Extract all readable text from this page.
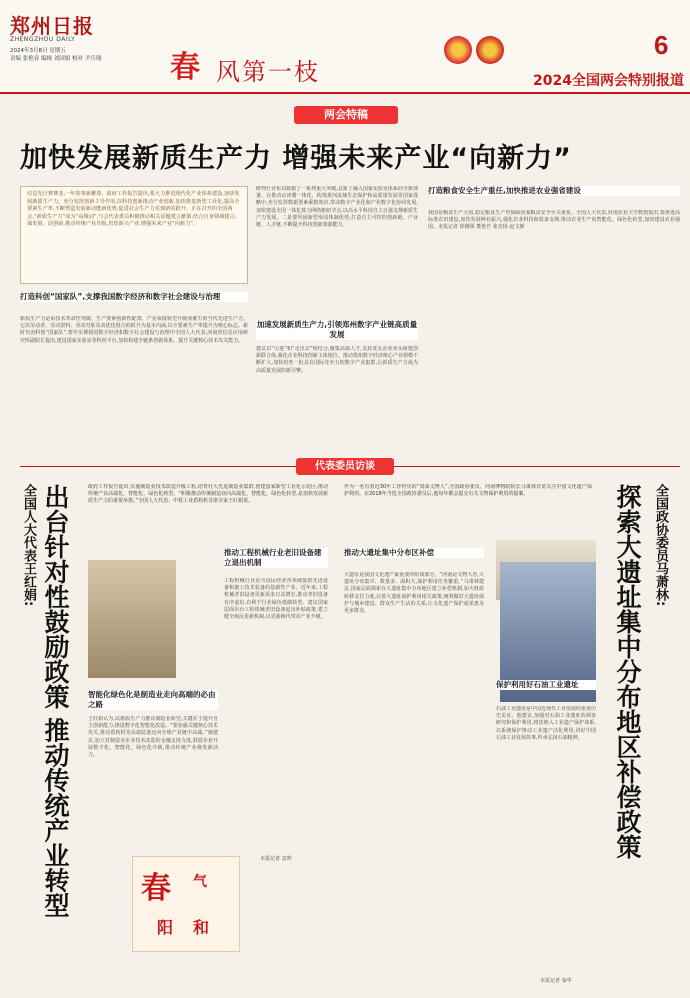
郑州日报
ZHENGZHOU DAILY
2024年3月8日 星期五
责编 张艳春 编辑 刘国娟 校对 尹兵翔	春 风第一枝
6
2024全国两会特别报道
两会特稿
加快发展新质生产力 增强未来产业“向新力”
信息先行赛赛龙,一年春事新繁春。政府工作报告提出,要大力推进现代化产业体系建设,加快发展新质生产力。充分发挥创新主导作用,以科技创新推动产业创新,加快推进新型工业化,提高全要素生产率,不断塑造发展新动能新优势,促进社会生产力实现新的跃升。正在召开的全国两会,“新质生产力”成为“高频词”,与会代表委员积极推动相关话题建言献策,结合自身领域建言,谋发展、话创新,推动传统产业升级,培育新兴产业,增强未来产业“向新力”。
打造科创“国家队”,支撑我国数字经济和数字社会建设与治理
新质生产力是由技术革命性突破、生产要素创新性配置、产业深度转型升级而催生的当代先进生产力。它以劳动者、劳动资料、劳动对象及其优化组合的跃升为基本内涵,以全要素生产率提升为核心标志。新时代治科创“国家队”,要牢实撑我国数字经济和数字社会建设与治理中全国人大代表,河南省信息应用研究所副院长提出,建设国家实验室等科创平台,加快构建全链条创新体系。提升关键核心技术攻关能力。
研判行业布局数据了一系列重大突破,具象了融入国家实验室体系的全新部署。在推动京津冀一体化、构筑黄河流域生态保护和高质量发展等国家战略中,充分发挥数据要素乘数效应,带动数字产业化和产业数字化协同发展,加快建设全国一体化算力网络枢纽节点,以高水平科技自立自强支撑新质生产力发展。二是要巩固新型举国体制优势,打造自主可控的创新链、产业链、人才链,不断提升科技创新策源能力。
加速发展新质生产力,引领郑州数字产业链高质量发展
建议以“引进”和“走出去”相结合,聚集高端人才,支持龙头企业牵头组建创新联合体,强化企业科技创新主体地位。推动郑州数字经济核心产业规模不断扩大,加快培育一批具有国际竞争力的数字产业集群,让新质生产力成为高质量发展的新引擎。
打造粮食安全生产重任,加快推进农业强省建设
我国是粮食生产大国,稳定粮食生产对保障国家粮食安全至关重要。全国人大代表,河南农业大学教授提出,要推进高标准农田建设,加快发展种业振兴,强化农业科技和装备支撑,推动农业生产向智能化、绿色化转型,加快建设农业强国。本报记者 徐刚领 董艳竹 张竞扬 赵文静
代表委员访谈
全国人大代表王红娟: 出台针对性鼓励政策 推动传统产业转型	政府工作报告提出,实施制造业技术改造升级工程,培育壮大先进制造业集群,创建国家新型工业化示范区,推动传统产业高端化、智能化、绿色化转型。“积极推动传统制造业向高端化、智能化、绿色化转型,是加快发展新质生产力的重要举措。”全国人大代表、中铁工业盾构机首席专家王红娟说。
推动工程机械行业老旧设备建立退出机制
工程机械行业是为国民经济各领域提供先进设备和施工技术装备的基础性产业。近年来,工程机械老旧设备更新需求日益增长,推动老旧设备有序退出,有利于行业绿色低碳转型。建议国家层面出台工程机械老旧设备退出补贴政策,建立健全淘汰更新机制,以更新换代带动产业升级。
智能化绿色化是制造业走向高端的必由之路
王红娟认为,以新质生产力推动制造业转型,关键在于提升自主创新能力,推进数字化智能化改造。“要加强关键核心技术攻关,推动盾构机等高端装备迈向全球产业链中高端。”她建议,加大对制造业企业技术改造的金融支持力度,鼓励企业开展数字化、智能化、绿色化升级,推动传统产业焕发新活力。
本报记者 袁帅
春 气
阳 和
作为一名有着近30年工作经历的“资深文博人”,全国政协委员、河南博物院院长马萧林非常关注中国文化遗产保护利用。在2018年当选全国政协委员后,他每年都会提交有关文物保护利用的提案。
推动大遗址集中分布区补偿
大遗址是我国文化遗产最重要的组成部分。“河南是文物大省,大遗址分布集中、数量多、面积大,保护利用任务繁重。”马萧林建议,国家层面探索在大遗址集中分布地区建立补偿机制,加大财政转移支付力度,完善大遗址保护利用相关政策,统筹做好大遗址保护与城乡建设、群众生产生活的关系,让文化遗产保护成果惠及更多群众。
保护利用好石油工业遗址
石油工业遗址是中国近现代工业发展的重要历史见证。他建议,加强对石油工业遗址的调查研究和保护利用,将其纳入工业遗产保护体系,以系统保护推动工业遗产活化利用,讲好中国石油工业发展故事,传承弘扬石油精神。
本报记者 秦华
探索大遗址集中分布地区补偿政策 全国政协委员马萧林:
